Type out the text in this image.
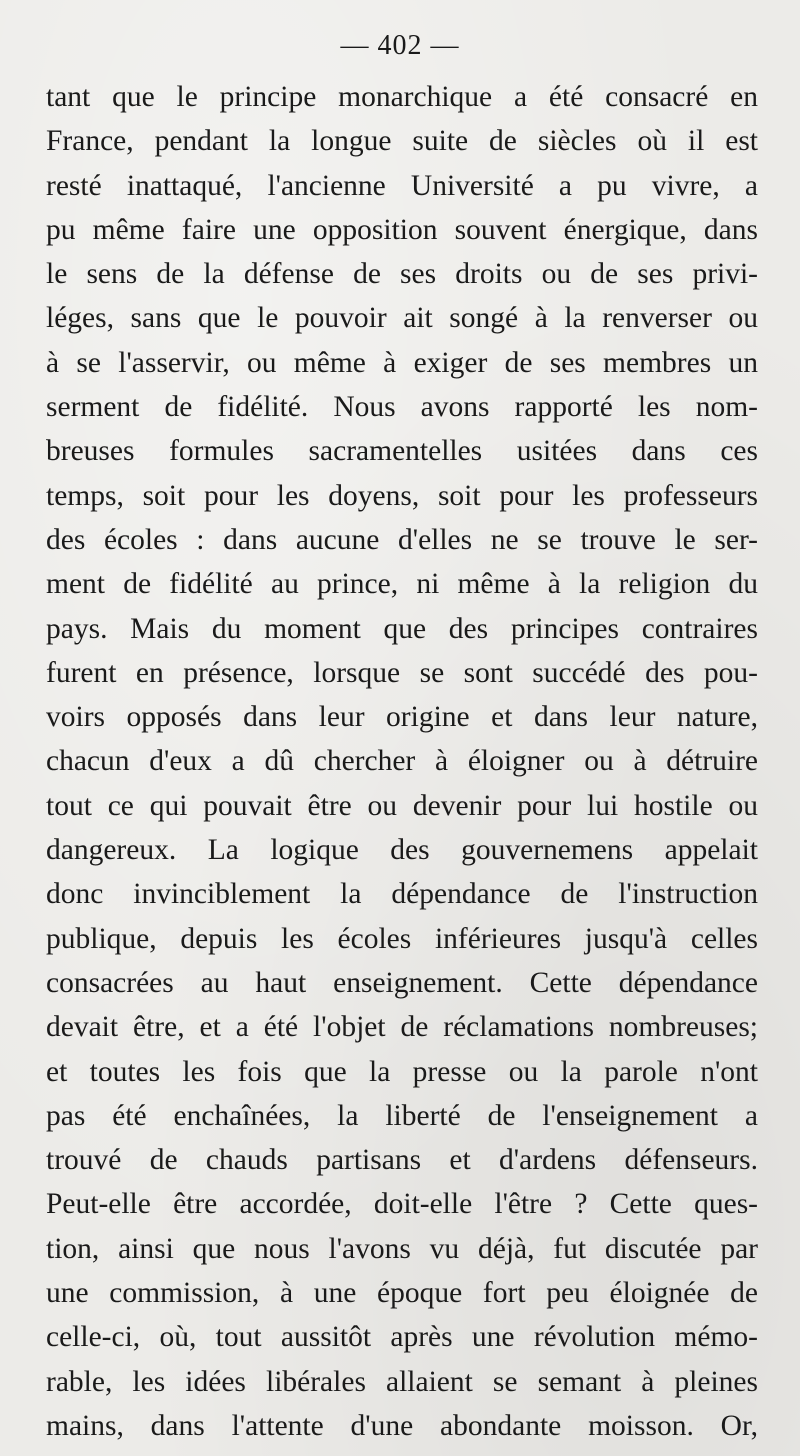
— 402 —
tant que le principe monarchique a été consacré en
France, pendant la longue suite de siècles où il est
resté inattaqué, l'ancienne Université a pu vivre, a
pu même faire une opposition souvent énergique, dans
le sens de la défense de ses droits ou de ses privi-
léges, sans que le pouvoir ait songé à la renverser ou
à se l'asservir, ou même à exiger de ses membres un
serment de fidélité. Nous avons rapporté les nom-
breuses formules sacramentelles usitées dans ces
temps, soit pour les doyens, soit pour les professeurs
des écoles : dans aucune d'elles ne se trouve le ser-
ment de fidélité au prince, ni même à la religion du
pays. Mais du moment que des principes contraires
furent en présence, lorsque se sont succédé des pou-
voirs opposés dans leur origine et dans leur nature,
chacun d'eux a dû chercher à éloigner ou à détruire
tout ce qui pouvait être ou devenir pour lui hostile ou
dangereux. La logique des gouvernemens appelait
donc invinciblement la dépendance de l'instruction
publique, depuis les écoles inférieures jusqu'à celles
consacrées au haut enseignement. Cette dépendance
devait être, et a été l'objet de réclamations nombreuses;
et toutes les fois que la presse ou la parole n'ont
pas été enchaînées, la liberté de l'enseignement a
trouvé de chauds partisans et d'ardens défenseurs.
Peut-elle être accordée, doit-elle l'être ? Cette ques-
tion, ainsi que nous l'avons vu déjà, fut discutée par
une commission, à une époque fort peu éloignée de
celle-ci, où, tout aussitôt après une révolution mémo-
rable, les idées libérales allaient se semant à pleines
mains, dans l'attente d'une abondante moisson. Or,
